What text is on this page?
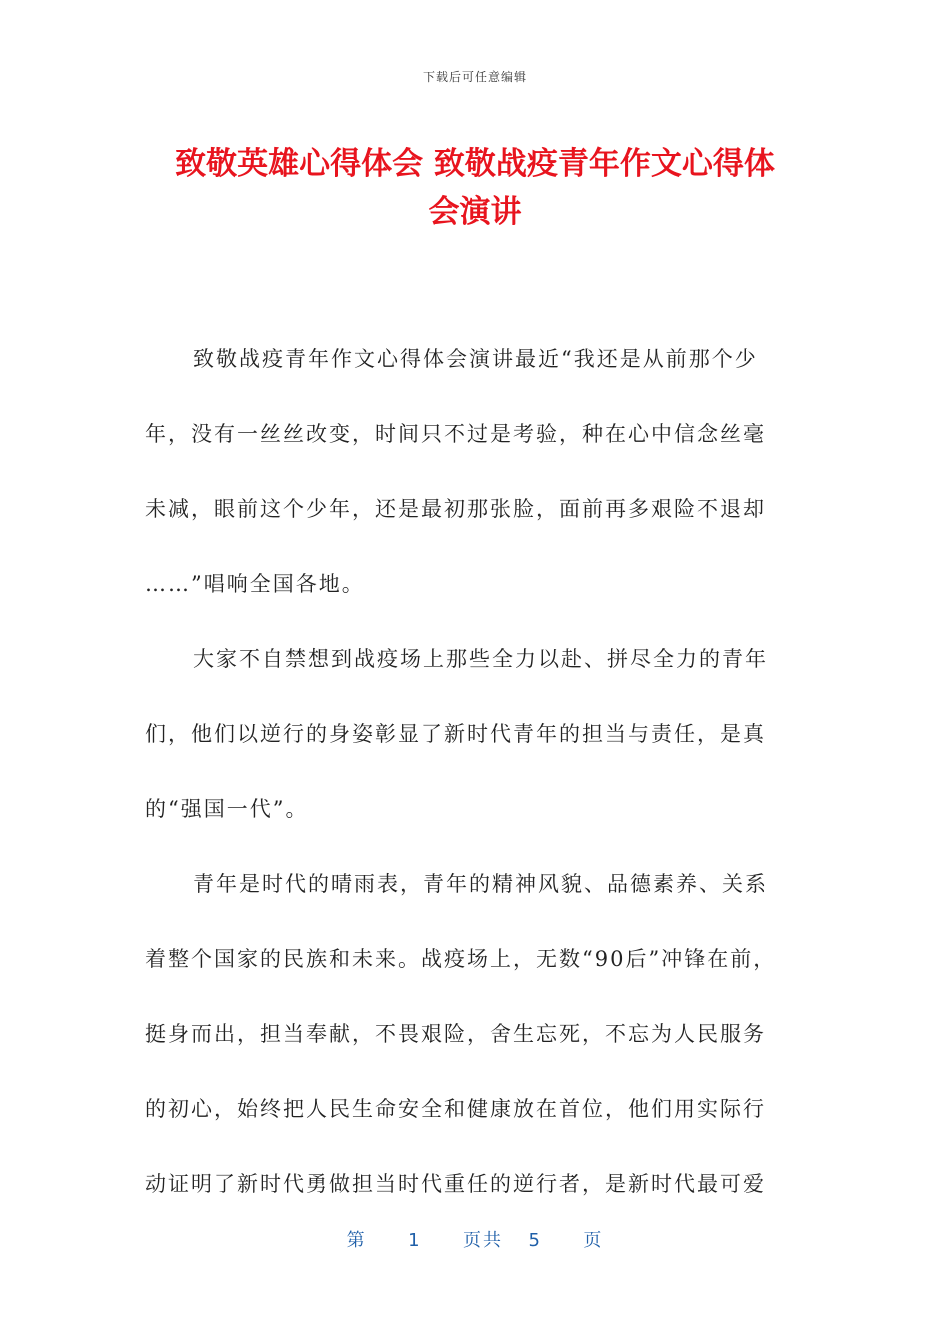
下载后可任意编辑
致敬英雄心得体会 致敬战疫青年作文心得体
会演讲

致敬战疫青年作文心得体会演讲最近“我还是从前那个少
年，没有一丝丝改变，时间只不过是考验，种在心中信念丝毫
未减，眼前这个少年，还是最初那张脸，面前再多艰险不退却
……”唱响全国各地。

大家不自禁想到战疫场上那些全力以赴、拼尽全力的青年
们，他们以逆行的身姿彰显了新时代青年的担当与责任，是真
的“强国一代”。

青年是时代的晴雨表，青年的精神风貌、品德素养、关系
着整个国家的民族和未来。战疫场上，无数“90后”冲锋在前，
挺身而出，担当奉献，不畏艰险，舍生忘死，不忘为人民服务
的初心，始终把人民生命安全和健康放在首位，他们用实际行
动证明了新时代勇做担当时代重任的逆行者，是新时代最可爱

第 1 页共 5 页
